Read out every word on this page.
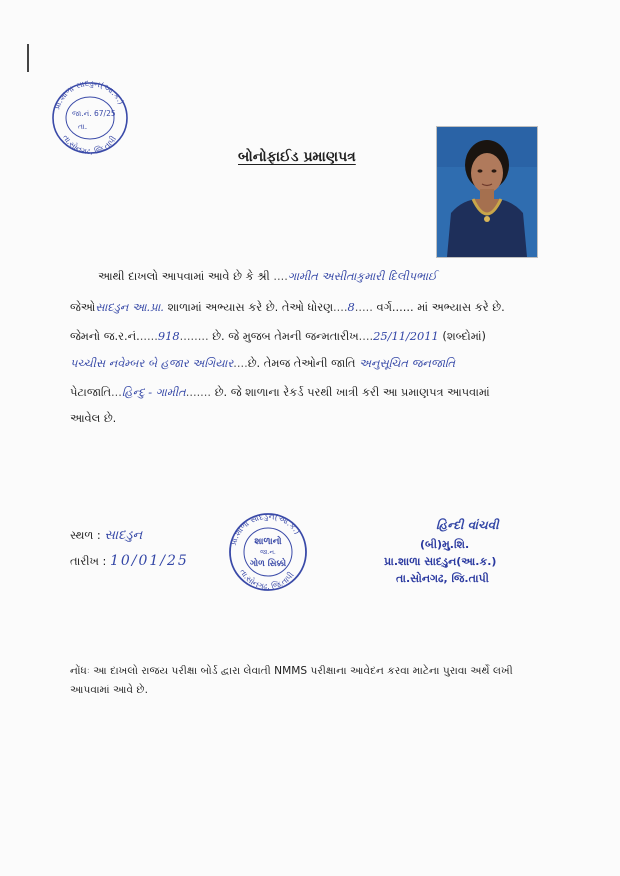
પ્રા.શાળા સાદડુન(આ.ક.)
તા.સોનગઢ, જિ.તાપી
જા.નં. 67/25
તા.
બોનોફાઈડ પ્રમાણપત્ર
આથી દાખલો આપવામાં આવે છે કે શ્રી ....ગામીત અસીતાકુમારી દિલીપભાઈ
જેઓસાદડુન આ.પ્રા. શાળામાં અભ્યાસ કરે છે. તેઓ ધોરણ....8..... વર્ગ...... માં અભ્યાસ કરે છે.
જેમનો જ.ર.નં......918........ છે. જે મુજબ તેમની જન્મતારીખ....25/11/2011 (શબ્દોમાં)
પચ્ચીસ નવેમ્બર બે હજાર અગિયાર....છે. તેમજ તેઓની જાતિ અનુસૂચિત જનજાતિ
પેટાજાતિ...હિન્દુ - ગામીત....... છે. જે શાળાના રેકર્ડ પરથી ખાત્રી કરી આ પ્રમાણપત્ર આપવામાં
આવેલ છે.
સ્થળ : સાદડુન
તારીખ : 10/01/25
પ્રા.શાળા સાદડુન(આ.ક.)
તા.સોનગઢ, જિ.તાપી
શાળાનો
જા.ન.
ગોળ સિક્કો
હિન્દી વાંચવી
(બી)મુ.શિ.
પ્રા.શાળા સાદડુન(આ.ક.)
તા.સોનગઢ, જિ.તાપી
નોંધઃ આ દાખલો રાજય પરીક્ષા બોર્ડ દ્વારા લેવાતી NMMS પરીક્ષાના આવેદન કરવા માટેના પુરાવા અર્થે લખી આપવામાં આવે છે.
